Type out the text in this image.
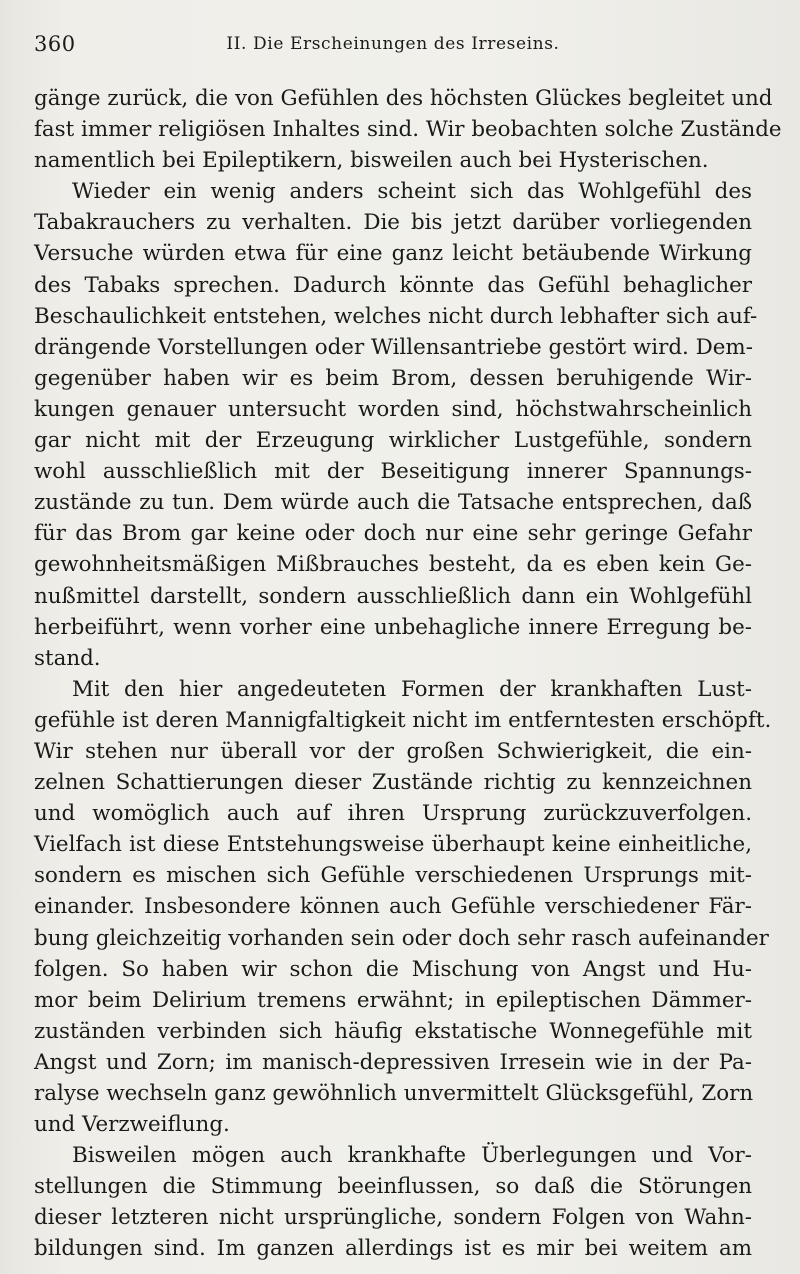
360	II. Die Erscheinungen des Irreseins.
gänge zurück, die von Gefühlen des höchsten Glückes begleitet und
fast immer religiösen Inhaltes sind. Wir beobachten solche Zustände
namentlich bei Epileptikern, bisweilen auch bei Hysterischen.
Wieder ein wenig anders scheint sich das Wohlgefühl des
Tabakrauchers zu verhalten. Die bis jetzt darüber vorliegenden
Versuche würden etwa für eine ganz leicht betäubende Wirkung
des Tabaks sprechen. Dadurch könnte das Gefühl behaglicher
Beschaulichkeit entstehen, welches nicht durch lebhafter sich auf-
drängende Vorstellungen oder Willensantriebe gestört wird. Dem-
gegenüber haben wir es beim Brom, dessen beruhigende Wir-
kungen genauer untersucht worden sind, höchstwahrscheinlich
gar nicht mit der Erzeugung wirklicher Lustgefühle, sondern
wohl ausschließlich mit der Beseitigung innerer Spannungs-
zustände zu tun. Dem würde auch die Tatsache entsprechen, daß
für das Brom gar keine oder doch nur eine sehr geringe Gefahr
gewohnheitsmäßigen Mißbrauches besteht, da es eben kein Ge-
nußmittel darstellt, sondern ausschließlich dann ein Wohlgefühl
herbeiführt, wenn vorher eine unbehagliche innere Erregung be-
stand.
Mit den hier angedeuteten Formen der krankhaften Lust-
gefühle ist deren Mannigfaltigkeit nicht im entferntesten erschöpft.
Wir stehen nur überall vor der großen Schwierigkeit, die ein-
zelnen Schattierungen dieser Zustände richtig zu kennzeichnen
und womöglich auch auf ihren Ursprung zurückzuverfolgen.
Vielfach ist diese Entstehungsweise überhaupt keine einheitliche,
sondern es mischen sich Gefühle verschiedenen Ursprungs mit-
einander. Insbesondere können auch Gefühle verschiedener Fär-
bung gleichzeitig vorhanden sein oder doch sehr rasch aufeinander
folgen. So haben wir schon die Mischung von Angst und Hu-
mor beim Delirium tremens erwähnt; in epileptischen Dämmer-
zuständen verbinden sich häufig ekstatische Wonnegefühle mit
Angst und Zorn; im manisch-depressiven Irresein wie in der Pa-
ralyse wechseln ganz gewöhnlich unvermittelt Glücksgefühl, Zorn
und Verzweiflung.
Bisweilen mögen auch krankhafte Überlegungen und Vor-
stellungen die Stimmung beeinflussen, so daß die Störungen
dieser letzteren nicht ursprüngliche, sondern Folgen von Wahn-
bildungen sind. Im ganzen allerdings ist es mir bei weitem am
